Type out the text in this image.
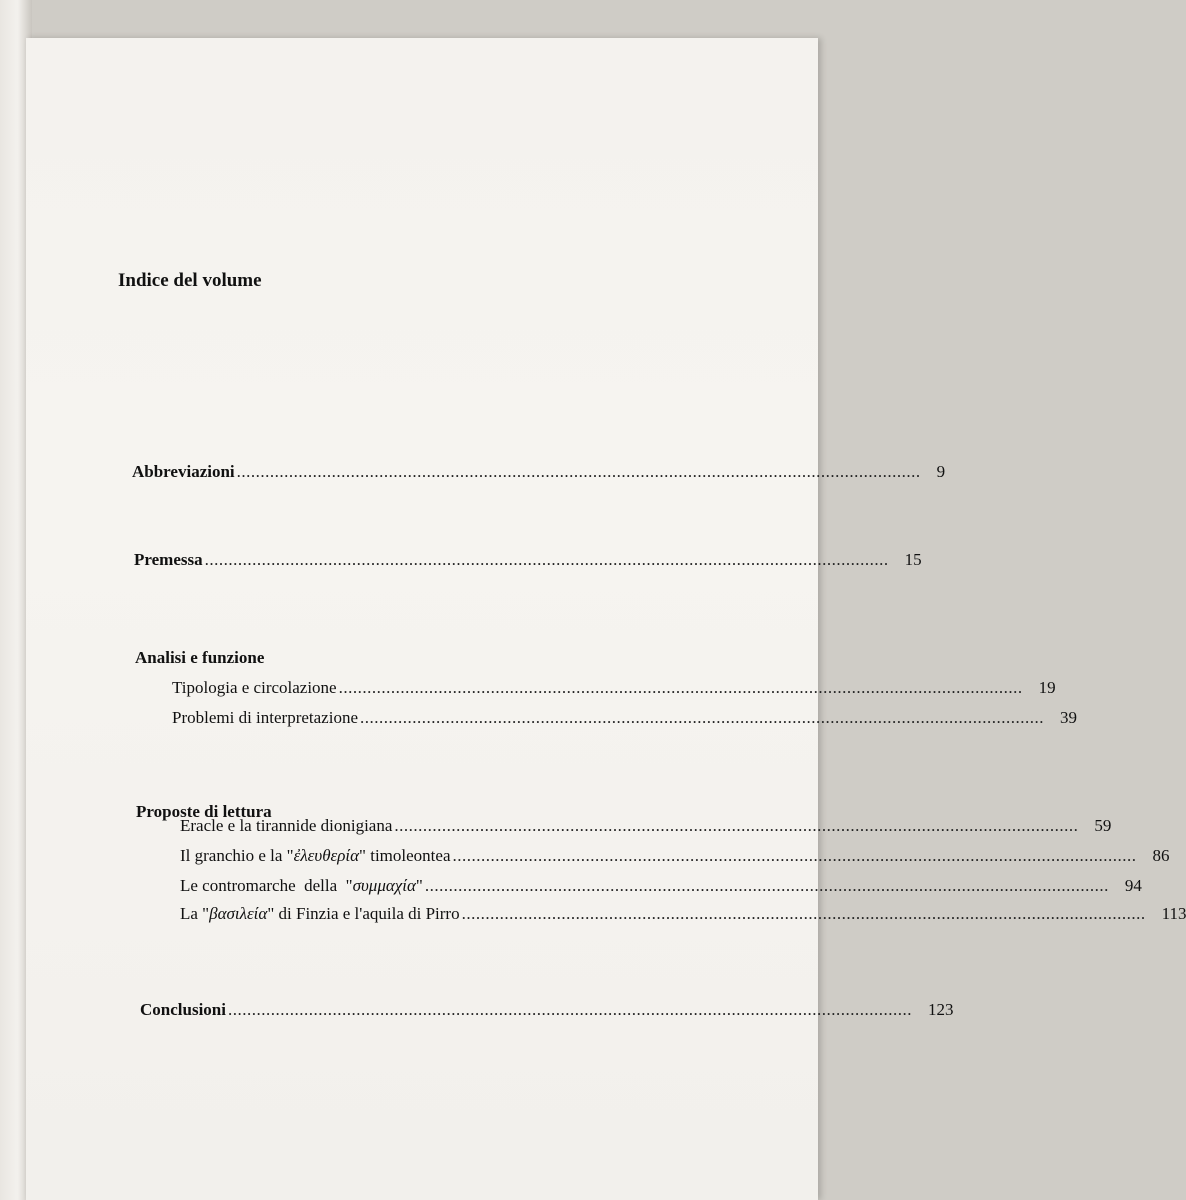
Indice del volume
Abbreviazioni ................................................................................................................................................ 9
Premessa ................................................................................................................................................ 15
Analisi e funzione
Tipologia e circolazione ................................................................................................................................................ 19
Problemi di interpretazione ................................................................................................................................................ 39
Proposte di lettura
Eracle e la tirannide dionigiana ................................................................................................................................................ 59
Il granchio e la "ἐλευθερία" timoleontea ................................................................................................................................................ 86
Le contromarche  della  "συμμαχία" ................................................................................................................................................ 94
La "βασιλεία" di Finzia e l'aquila di Pirro ................................................................................................................................................ 113
Conclusioni ................................................................................................................................................ 123
